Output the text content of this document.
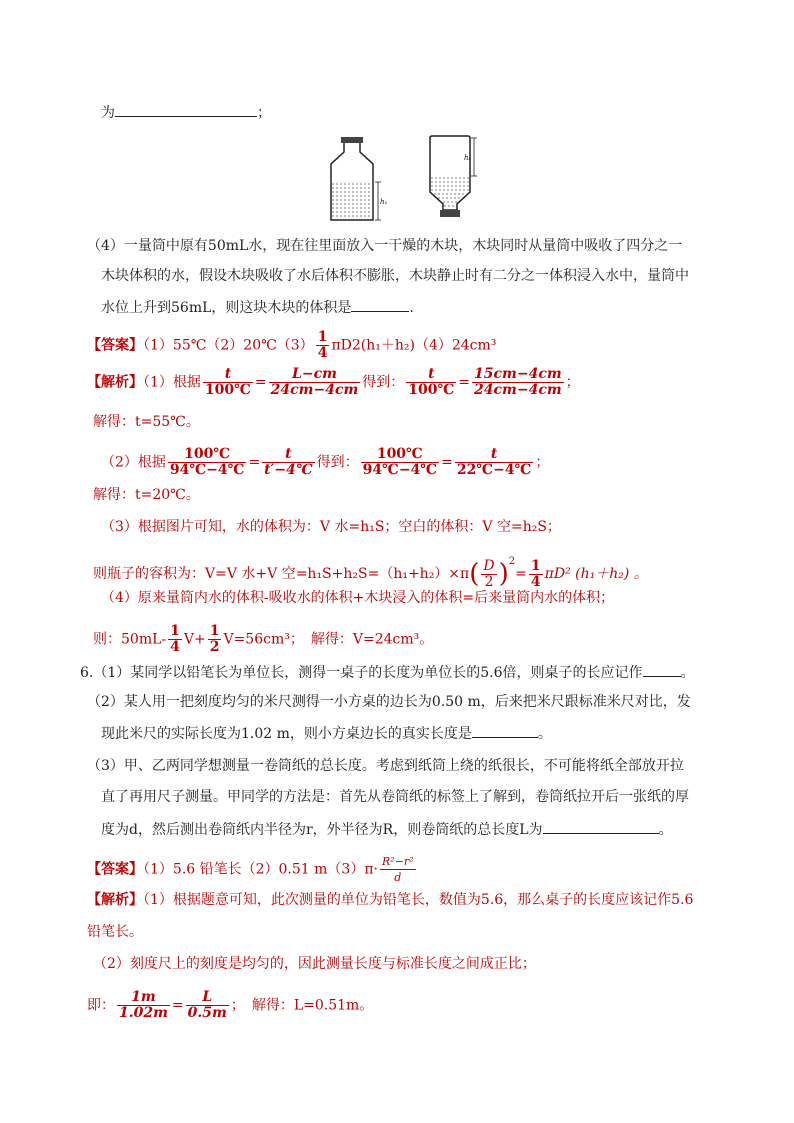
为	；
h₁
h₂
（4）一量筒中原有50mL水，现在往里面放入一干燥的木块，木块同时从量筒中吸收了四分之一
木块体积的水，假设木块吸收了水后体积不膨胀，木块静止时有二分之一体积浸入水中，量筒中
水位上升到56mL，则这块木块的体积是	.
【答案】（1）55℃（2）20℃（3） $\frac{1}{4} \pi D2(h_1+h_2)(4)24cm^3$
【解析】（1）根据 $\frac{t}{100℃} = \frac{L-cm}{24cm-4cm}$ 得到： $\frac{t}{100℃} = \frac{15cm-4cm}{24cm-4cm}$ ；
解得：t=55℃。
（2）根据 $\frac{100℃}{94℃-4℃} = \frac{t}{t'-4℃}$ 得到： $\frac{100℃}{94℃-4℃} = \frac{t}{22℃-4℃}$ ；
解得：t=20℃。
（3）根据图片可知，水的体积为：V 水=h₁S；空白的体积：V 空=h₂S；
则瓶子的容积为：V=V 水+V 空$=h_1S+h_2S=(h_1+h_2)\times\pi( \frac{D}{2} )^2= \frac{1}{4} \pi D^2$ (h₁＋h₂) 。
（4）原来量筒内水的体积-吸收水的体积+木块浸入的体积=后来量筒内水的体积；
则：$50mL- \frac{1}{4} V+ \frac{1}{2} V=56cm^3$；　解得：V=24cm³。
6.（1）某同学以铅笔长为单位长，测得一桌子的长度为单位长的5.6倍，则桌子的长应记作	。
（2）某人用一把刻度均匀的米尺测得一小方桌的边长为0.50 m，后来把米尺跟标准米尺对比，发
现此米尺的实际长度为1.02 m，则小方桌边长的真实长度是	。
（3）甲、乙两同学想测量一卷筒纸的总长度。考虑到纸筒上绕的纸很长，不可能将纸全部放开拉
直了再用尺子测量。甲同学的方法是：首先从卷筒纸的标签上了解到，卷筒纸拉开后一张纸的厚
度为d，然后测出卷筒纸内半径为r，外半径为R，则卷筒纸的总长度L为	。
【答案】（1）5.6 铅笔长（2）0.51 $m(3)\pi\cdot \frac{\text{R²−r²}}{d}$
【解析】（1）根据题意可知，此次测量的单位为铅笔长，数值为5.6，那么桌子的长度应该记作5.6
铅笔长。
（2）刻度尺上的刻度是均匀的，因此测量长度与标准长度之间成正比；
即： $\frac{1m}{1.02m} = \frac{L}{0.5m}$ ；　解得：L=0.51m。
